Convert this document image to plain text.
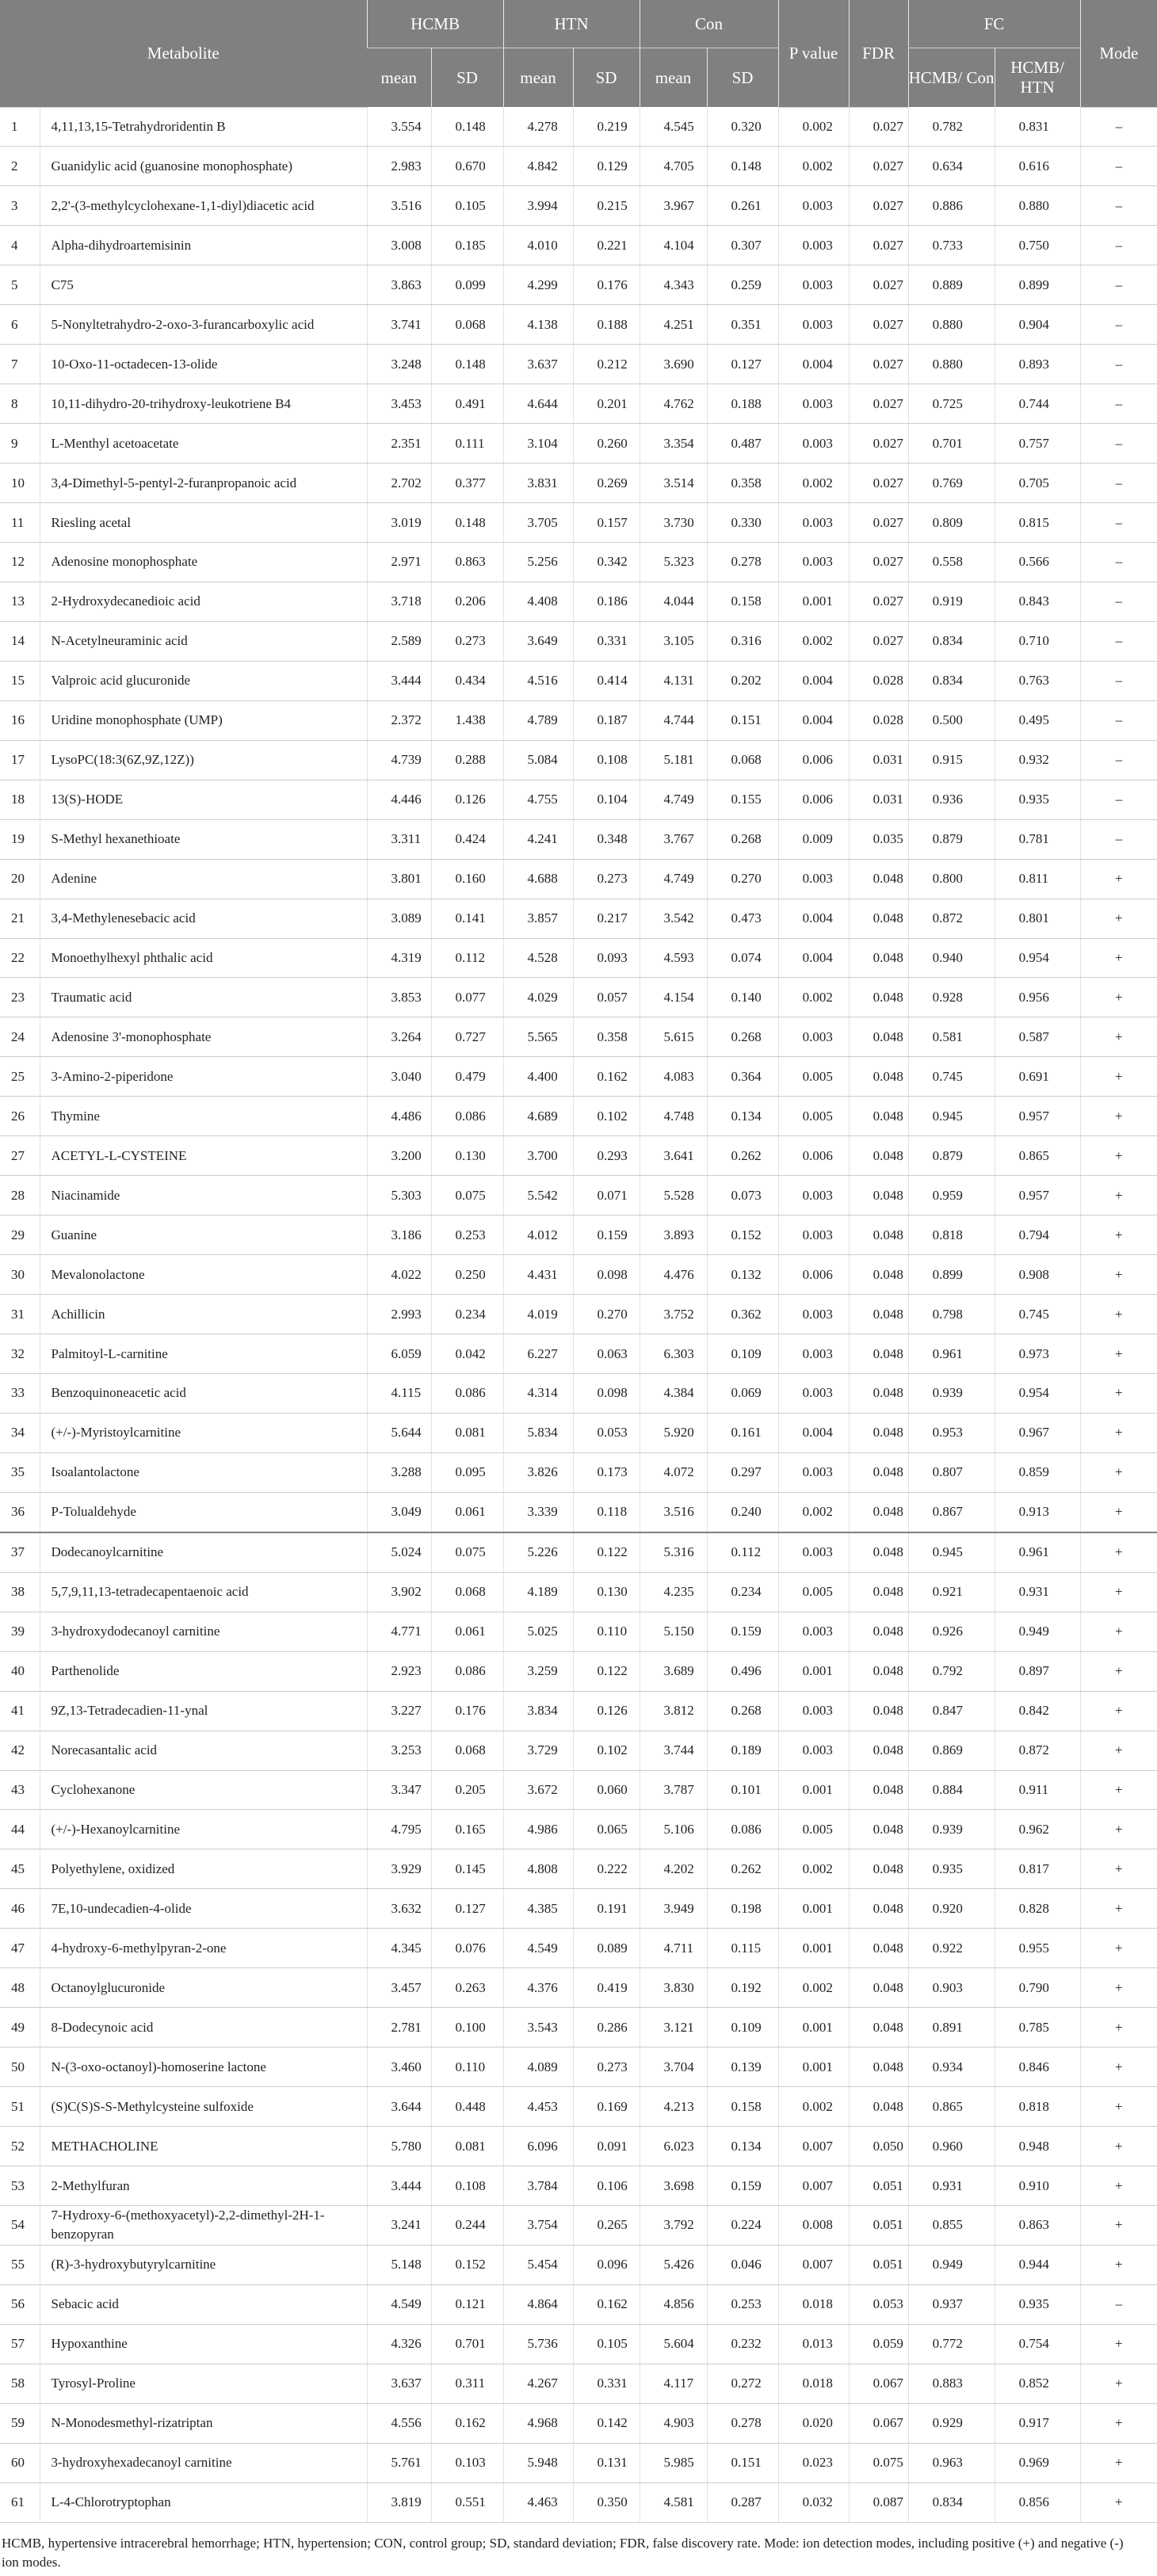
Metabolite		HCMB		HTN		Con		P value	FDR	FC		Mode
		mean	SD	mean	SD	mean	SD			HCMB/ Con	HCMB/ HTN	
1	4,11,13,15-Tetrahydroridentin B	3.554	0.148	4.278	0.219	4.545	0.320	0.002	0.027	0.782	0.831	–
2	Guanidylic acid (guanosine monophosphate)	2.983	0.670	4.842	0.129	4.705	0.148	0.002	0.027	0.634	0.616	–
3	2,2'-(3-methylcyclohexane-1,1-diyl)diacetic acid	3.516	0.105	3.994	0.215	3.967	0.261	0.003	0.027	0.886	0.880	–
4	Alpha-dihydroartemisinin	3.008	0.185	4.010	0.221	4.104	0.307	0.003	0.027	0.733	0.750	–
5	C75	3.863	0.099	4.299	0.176	4.343	0.259	0.003	0.027	0.889	0.899	–
6	5-Nonyltetrahydro-2-oxo-3-furancarboxylic acid	3.741	0.068	4.138	0.188	4.251	0.351	0.003	0.027	0.880	0.904	–
7	10-Oxo-11-octadecen-13-olide	3.248	0.148	3.637	0.212	3.690	0.127	0.004	0.027	0.880	0.893	–
8	10,11-dihydro-20-trihydroxy-leukotriene B4	3.453	0.491	4.644	0.201	4.762	0.188	0.003	0.027	0.725	0.744	–
9	L-Menthyl acetoacetate	2.351	0.111	3.104	0.260	3.354	0.487	0.003	0.027	0.701	0.757	–
10	3,4-Dimethyl-5-pentyl-2-furanpropanoic acid	2.702	0.377	3.831	0.269	3.514	0.358	0.002	0.027	0.769	0.705	–
11	Riesling acetal	3.019	0.148	3.705	0.157	3.730	0.330	0.003	0.027	0.809	0.815	–
12	Adenosine monophosphate	2.971	0.863	5.256	0.342	5.323	0.278	0.003	0.027	0.558	0.566	–
13	2-Hydroxydecanedioic acid	3.718	0.206	4.408	0.186	4.044	0.158	0.001	0.027	0.919	0.843	–
14	N-Acetylneuraminic acid	2.589	0.273	3.649	0.331	3.105	0.316	0.002	0.027	0.834	0.710	–
15	Valproic acid glucuronide	3.444	0.434	4.516	0.414	4.131	0.202	0.004	0.028	0.834	0.763	–
16	Uridine monophosphate (UMP)	2.372	1.438	4.789	0.187	4.744	0.151	0.004	0.028	0.500	0.495	–
17	LysoPC(18:3(6Z,9Z,12Z))	4.739	0.288	5.084	0.108	5.181	0.068	0.006	0.031	0.915	0.932	–
18	13(S)-HODE	4.446	0.126	4.755	0.104	4.749	0.155	0.006	0.031	0.936	0.935	–
19	S-Methyl hexanethioate	3.311	0.424	4.241	0.348	3.767	0.268	0.009	0.035	0.879	0.781	–
20	Adenine	3.801	0.160	4.688	0.273	4.749	0.270	0.003	0.048	0.800	0.811	+
21	3,4-Methylenesebacic acid	3.089	0.141	3.857	0.217	3.542	0.473	0.004	0.048	0.872	0.801	+
22	Monoethylhexyl phthalic acid	4.319	0.112	4.528	0.093	4.593	0.074	0.004	0.048	0.940	0.954	+
23	Traumatic acid	3.853	0.077	4.029	0.057	4.154	0.140	0.002	0.048	0.928	0.956	+
24	Adenosine 3'-monophosphate	3.264	0.727	5.565	0.358	5.615	0.268	0.003	0.048	0.581	0.587	+
25	3-Amino-2-piperidone	3.040	0.479	4.400	0.162	4.083	0.364	0.005	0.048	0.745	0.691	+
26	Thymine	4.486	0.086	4.689	0.102	4.748	0.134	0.005	0.048	0.945	0.957	+
27	ACETYL-L-CYSTEINE	3.200	0.130	3.700	0.293	3.641	0.262	0.006	0.048	0.879	0.865	+
28	Niacinamide	5.303	0.075	5.542	0.071	5.528	0.073	0.003	0.048	0.959	0.957	+
29	Guanine	3.186	0.253	4.012	0.159	3.893	0.152	0.003	0.048	0.818	0.794	+
30	Mevalonolactone	4.022	0.250	4.431	0.098	4.476	0.132	0.006	0.048	0.899	0.908	+
31	Achillicin	2.993	0.234	4.019	0.270	3.752	0.362	0.003	0.048	0.798	0.745	+
32	Palmitoyl-L-carnitine	6.059	0.042	6.227	0.063	6.303	0.109	0.003	0.048	0.961	0.973	+
33	Benzoquinoneacetic acid	4.115	0.086	4.314	0.098	4.384	0.069	0.003	0.048	0.939	0.954	+
34	(+/-)-Myristoylcarnitine	5.644	0.081	5.834	0.053	5.920	0.161	0.004	0.048	0.953	0.967	+
35	Isoalantolactone	3.288	0.095	3.826	0.173	4.072	0.297	0.003	0.048	0.807	0.859	+
36	P-Tolualdehyde	3.049	0.061	3.339	0.118	3.516	0.240	0.002	0.048	0.867	0.913	+
37	Dodecanoylcarnitine	5.024	0.075	5.226	0.122	5.316	0.112	0.003	0.048	0.945	0.961	+
38	5,7,9,11,13-tetradecapentaenoic acid	3.902	0.068	4.189	0.130	4.235	0.234	0.005	0.048	0.921	0.931	+
39	3-hydroxydodecanoyl carnitine	4.771	0.061	5.025	0.110	5.150	0.159	0.003	0.048	0.926	0.949	+
40	Parthenolide	2.923	0.086	3.259	0.122	3.689	0.496	0.001	0.048	0.792	0.897	+
41	9Z,13-Tetradecadien-11-ynal	3.227	0.176	3.834	0.126	3.812	0.268	0.003	0.048	0.847	0.842	+
42	Norecasantalic acid	3.253	0.068	3.729	0.102	3.744	0.189	0.003	0.048	0.869	0.872	+
43	Cyclohexanone	3.347	0.205	3.672	0.060	3.787	0.101	0.001	0.048	0.884	0.911	+
44	(+/-)-Hexanoylcarnitine	4.795	0.165	4.986	0.065	5.106	0.086	0.005	0.048	0.939	0.962	+
45	Polyethylene, oxidized	3.929	0.145	4.808	0.222	4.202	0.262	0.002	0.048	0.935	0.817	+
46	7E,10-undecadien-4-olide	3.632	0.127	4.385	0.191	3.949	0.198	0.001	0.048	0.920	0.828	+
47	4-hydroxy-6-methylpyran-2-one	4.345	0.076	4.549	0.089	4.711	0.115	0.001	0.048	0.922	0.955	+
48	Octanoylglucuronide	3.457	0.263	4.376	0.419	3.830	0.192	0.002	0.048	0.903	0.790	+
49	8-Dodecynoic acid	2.781	0.100	3.543	0.286	3.121	0.109	0.001	0.048	0.891	0.785	+
50	N-(3-oxo-octanoyl)-homoserine lactone	3.460	0.110	4.089	0.273	3.704	0.139	0.001	0.048	0.934	0.846	+
51	(S)C(S)S-S-Methylcysteine sulfoxide	3.644	0.448	4.453	0.169	4.213	0.158	0.002	0.048	0.865	0.818	+
52	METHACHOLINE	5.780	0.081	6.096	0.091	6.023	0.134	0.007	0.050	0.960	0.948	+
53	2-Methylfuran	3.444	0.108	3.784	0.106	3.698	0.159	0.007	0.051	0.931	0.910	+
54	7-Hydroxy-6-(methoxyacetyl)-2,2-dimethyl-2H-1-benzopyran	3.241	0.244	3.754	0.265	3.792	0.224	0.008	0.051	0.855	0.863	+
55	(R)-3-hydroxybutyrylcarnitine	5.148	0.152	5.454	0.096	5.426	0.046	0.007	0.051	0.949	0.944	+
56	Sebacic acid	4.549	0.121	4.864	0.162	4.856	0.253	0.018	0.053	0.937	0.935	–
57	Hypoxanthine	4.326	0.701	5.736	0.105	5.604	0.232	0.013	0.059	0.772	0.754	+
58	Tyrosyl-Proline	3.637	0.311	4.267	0.331	4.117	0.272	0.018	0.067	0.883	0.852	+
59	N-Monodesmethyl-rizatriptan	4.556	0.162	4.968	0.142	4.903	0.278	0.020	0.067	0.929	0.917	+
60	3-hydroxyhexadecanoyl carnitine	5.761	0.103	5.948	0.131	5.985	0.151	0.023	0.075	0.963	0.969	+
61	L-4-Chlorotryptophan	3.819	0.551	4.463	0.350	4.581	0.287	0.032	0.087	0.834	0.856	+
HCMB, hypertensive intracerebral hemorrhage; HTN, hypertension; CON, control group; SD, standard deviation; FDR, false discovery rate. Mode: ion detection modes, including positive (+) and negative (-) ion modes.
